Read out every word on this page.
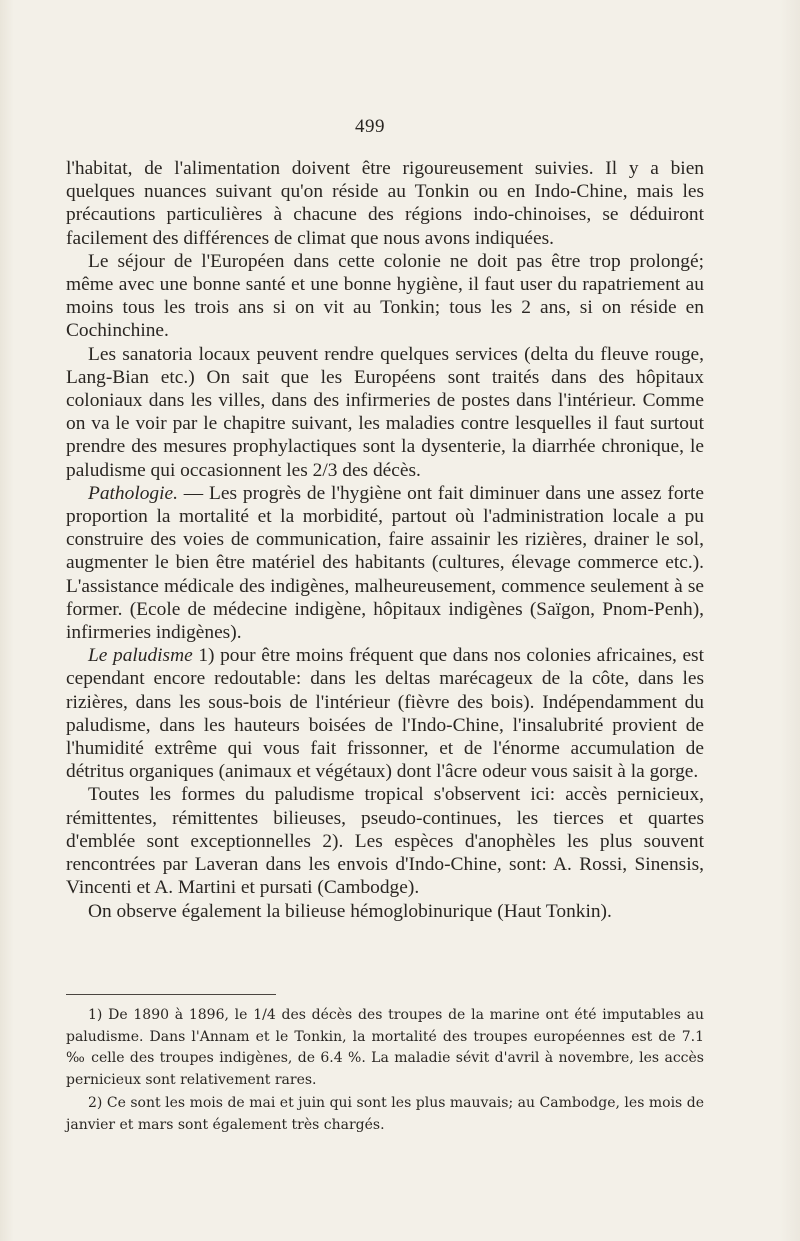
499

l'habitat, de l'alimentation doivent être rigoureusement suivies. Il y a bien quelques nuances suivant qu'on réside au Tonkin ou en Indo-Chine, mais les précautions particulières à chacune des régions indo-chinoises, se déduiront facilement des différences de climat que nous avons indiquées.

Le séjour de l'Européen dans cette colonie ne doit pas être trop prolongé; même avec une bonne santé et une bonne hygiène, il faut user du rapatriement au moins tous les trois ans si on vit au Tonkin; tous les 2 ans, si on réside en Cochinchine.

Les sanatoria locaux peuvent rendre quelques services (delta du fleuve rouge, Lang-Bian etc.) On sait que les Européens sont traités dans des hôpitaux coloniaux dans les villes, dans des infirmeries de postes dans l'intérieur. Comme on va le voir par le chapitre suivant, les maladies contre lesquelles il faut surtout prendre des mesures prophylactiques sont la dysenterie, la diarrhée chronique, le paludisme qui occasionnent les 2/3 des décès.

Pathologie. — Les progrès de l'hygiène ont fait diminuer dans une assez forte proportion la mortalité et la morbidité, partout où l'administration locale a pu construire des voies de communication, faire assainir les rizières, drainer le sol, augmenter le bien être matériel des habitants (cultures, élevage commerce etc.). L'assistance médicale des indigènes, malheureusement, commence seulement à se former. (Ecole de médecine indigène, hôpitaux indigènes (Saïgon, Pnom-Penh), infirmeries indigènes).

Le paludisme 1) pour être moins fréquent que dans nos colonies africaines, est cependant encore redoutable: dans les deltas marécageux de la côte, dans les rizières, dans les sous-bois de l'intérieur (fièvre des bois). Indépendamment du paludisme, dans les hauteurs boisées de l'Indo-Chine, l'insalubrité provient de l'humidité extrême qui vous fait frissonner, et de l'énorme accumulation de détritus organiques (animaux et végétaux) dont l'âcre odeur vous saisit à la gorge.

Toutes les formes du paludisme tropical s'observent ici: accès pernicieux, rémittentes, rémittentes bilieuses, pseudo-continues, les tierces et quartes d'emblée sont exceptionnelles 2). Les espèces d'anophèles les plus souvent rencontrées par Laveran dans les envois d'Indo-Chine, sont: A. Rossi, Sinensis, Vincenti et A. Martini et pursati (Cambodge).

On observe également la bilieuse hémoglobinurique (Haut Tonkin).

1) De 1890 à 1896, le 1/4 des décès des troupes de la marine ont été imputables au paludisme. Dans l'Annam et le Tonkin, la mortalité des troupes européennes est de 7.1 ‰ celle des troupes indigènes, de 6.4 %. La maladie sévit d'avril à novembre, les accès pernicieux sont relativement rares.

2) Ce sont les mois de mai et juin qui sont les plus mauvais; au Cambodge, les mois de janvier et mars sont également très chargés.
